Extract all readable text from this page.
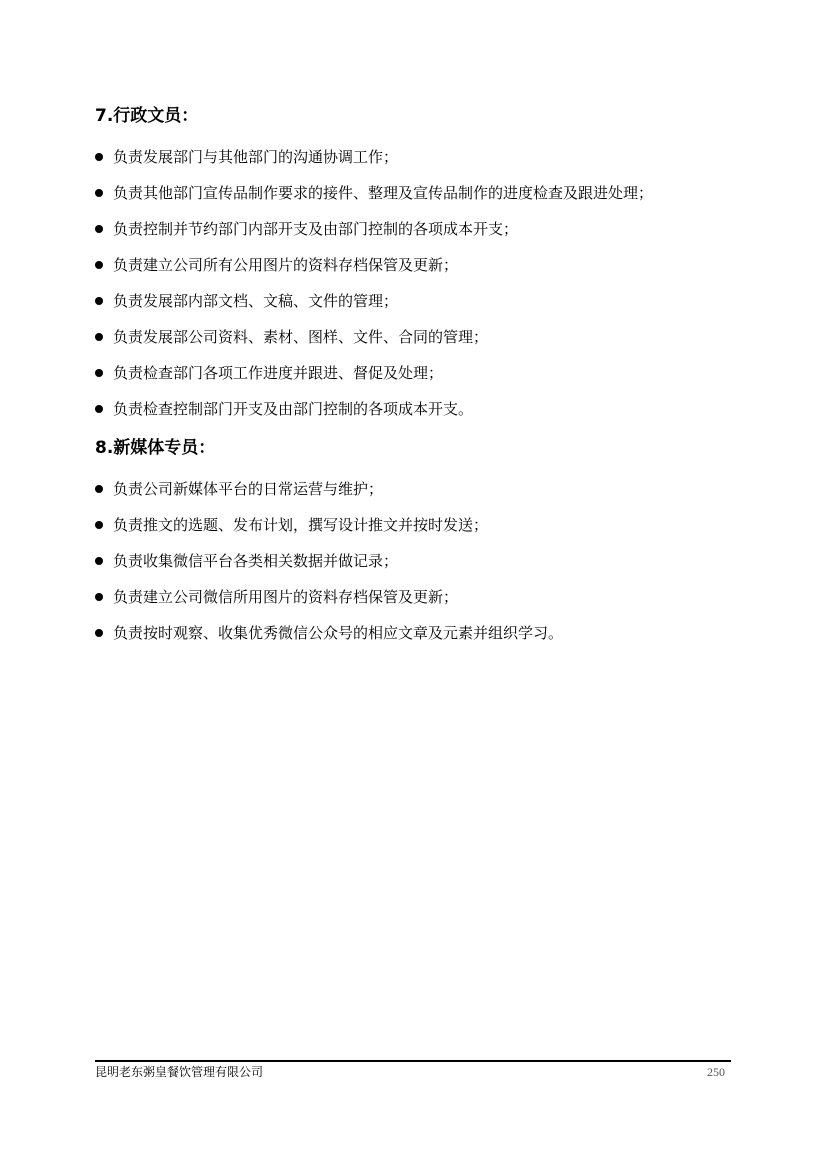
7.行政文员：
负责发展部门与其他部门的沟通协调工作；
负责其他部门宣传品制作要求的接件、整理及宣传品制作的进度检查及跟进处理；
负责控制并节约部门内部开支及由部门控制的各项成本开支；
负责建立公司所有公用图片的资料存档保管及更新；
负责发展部内部文档、文稿、文件的管理；
负责发展部公司资料、素材、图样、文件、合同的管理；
负责检查部门各项工作进度并跟进、督促及处理；
负责检查控制部门开支及由部门控制的各项成本开支。
8.新媒体专员：
负责公司新媒体平台的日常运营与维护；
负责推文的选题、发布计划，撰写设计推文并按时发送；
负责收集微信平台各类相关数据并做记录；
负责建立公司微信所用图片的资料存档保管及更新；
负责按时观察、收集优秀微信公众号的相应文章及元素并组织学习。
昆明老东粥皇餐饮管理有限公司	250
